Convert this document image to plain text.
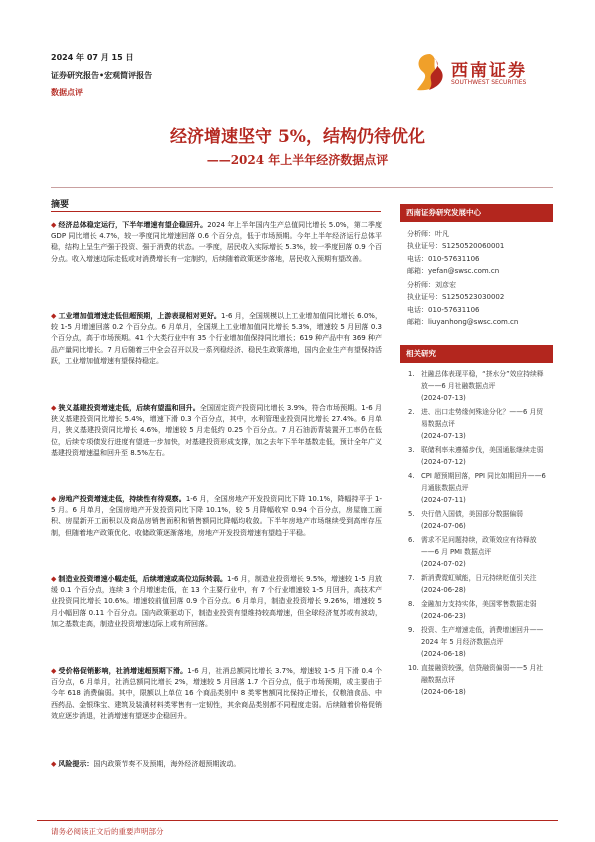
2024 年 07 月 15 日
证券研究报告•宏观简评报告
数据点评
西南证券
SOUTHWEST SECURITIES
经济增速坚守 5%，结构仍待优化
——2024 年上半年经济数据点评
摘要
◆ 经济总体稳定运行，下半年增速有望企稳回升。2024 年上半年国内生产总值同比增长 5.0%，第二季度 GDP 同比增长 4.7%，较一季度同比增速回落 0.6 个百分点，低于市场预期。今年上半年经济运行总体平稳，结构上呈生产强于投资、强于消费的状态。一季度，居民收入实际增长 5.3%，较一季度回落 0.9 个百分点。收入增速边际走低或对消费增长有一定制约，后续随着政策逐步落地，居民收入预期有望改善。
◆ 工业增加值增速走低但超预期，上游表现相对更好。1-6 月，全国规模以上工业增加值同比增长 6.0%，较 1-5 月增速回落 0.2 个百分点。6 月单月，全国规上工业增加值同比增长 5.3%，增速较 5 月回落 0.3 个百分点，高于市场预期。41 个大类行业中有 35 个行业增加值保持同比增长；619 种产品中有 369 种产品产量同比增长。7 月后随着三中全会召开以及一系列稳经济、稳民生政策落地，国内企业生产有望保持活跃，工业增加值增速有望保持稳定。
◆ 狭义基建投资增速走低，后续有望温和回升。全国固定资产投资同比增长 3.9%，符合市场预期。1-6 月狭义基建投资同比增长 5.4%，增速下滑 0.3 个百分点，其中，水利管理业投资同比增长 27.4%。6 月单月，狭义基建投资同比增长 4.6%，增速较 5 月走低约 0.25 个百分点。7 月石油沥青装置开工率仍在低位，后续专项债发行进度有望进一步加快，对基建投资形成支撑，加之去年下半年基数走低，预计全年广义基建投资增速温和回升至 8.5%左右。
◆ 房地产投资增速走低，持续性有待观察。1-6 月，全国房地产开发投资同比下降 10.1%，降幅持平于 1-5 月。6 月单月，全国房地产开发投资同比下降 10.1%，较 5 月降幅收窄 0.94 个百分点，房屋施工面积、房屋新开工面积以及商品房销售面积和销售额同比降幅均收敛。下半年房地产市场继续受到高库存压制，但随着地产政策优化、收储政策逐渐落地，房地产开发投资增速有望趋于平稳。
◆ 制造业投资增速小幅走低，后续增速或高位边际转弱。1-6 月，制造业投资增长 9.5%，增速较 1-5 月放缓 0.1 个百分点，连续 3 个月增速走低，在 13 个主要行业中，有 7 个行业增速较 1-5 月回升，高技术产业投资同比增长 10.6%。增速较前值回落 0.9 个百分点。6 月单月，制造业投资增长 9.26%，增速较 5 月小幅回落 0.11 个百分点。国内政策驱动下，制造业投资有望维持较高增速，但全球经济复苏或有波动，加之基数走高，制造业投资增速边际上或有所回落。
◆ 受价格促销影响，社消增速超预期下滑。1-6 月，社消总额同比增长 3.7%，增速较 1-5 月下滑 0.4 个百分点，6 月单月，社消总额同比增长 2%，增速较 5 月回落 1.7 个百分点，低于市场预期，或主要由于今年 618 消费偏弱。其中，限额以上单位 16 个商品类别中 8 类零售额同比保持正增长，仅粮油食品、中西药品、金银珠宝、建筑及装潢材料类零售有一定韧性，其余商品类别都不同程度走弱。后续随着价格促销效应逐步消退，社消增速有望逐步企稳回升。
◆ 风险提示：国内政策节奏不及预期，海外经济超预期波动。
西南证券研究发展中心
分析师：叶凡
执业证号：S1250520060001
电话：010-57631106
邮箱：yefan@swsc.com.cn
分析师：刘彦宏
执业证号：S1250523030002
电话：010-57631106
邮箱：liuyanhong@swsc.com.cn
相关研究
1. 社融总体表现平稳，“挤水分”效应持续释放——6 月社融数据点评
(2024-07-13)
2. 进、出口走势缘何殊途分化？——6 月贸易数据点评
(2024-07-13)
3. 联储利率未遵循步伐，美国通胀继续走弱
(2024-07-12)
4. CPI 超预期回落，PPI 同比如期回升——6 月通胀数据点评
(2024-07-11)
5. 央行借入国债，美国部分数据偏弱
(2024-07-06)
6. 需求不足问题持续，政策效应有待释放——6 月 PMI 数据点评
(2024-07-02)
7. 新消费霓虹赋能，日元持续贬值引关注
(2024-06-28)
8. 金融加力支持实体，美国零售数据走弱
(2024-06-23)
9. 投资、生产增速走低，消费增速回升——2024 年 5 月经济数据点评
(2024-06-18)
10. 直接融资较强，信贷融资偏弱——5 月社融数据点评
(2024-06-18)
请务必阅读正文后的重要声明部分
